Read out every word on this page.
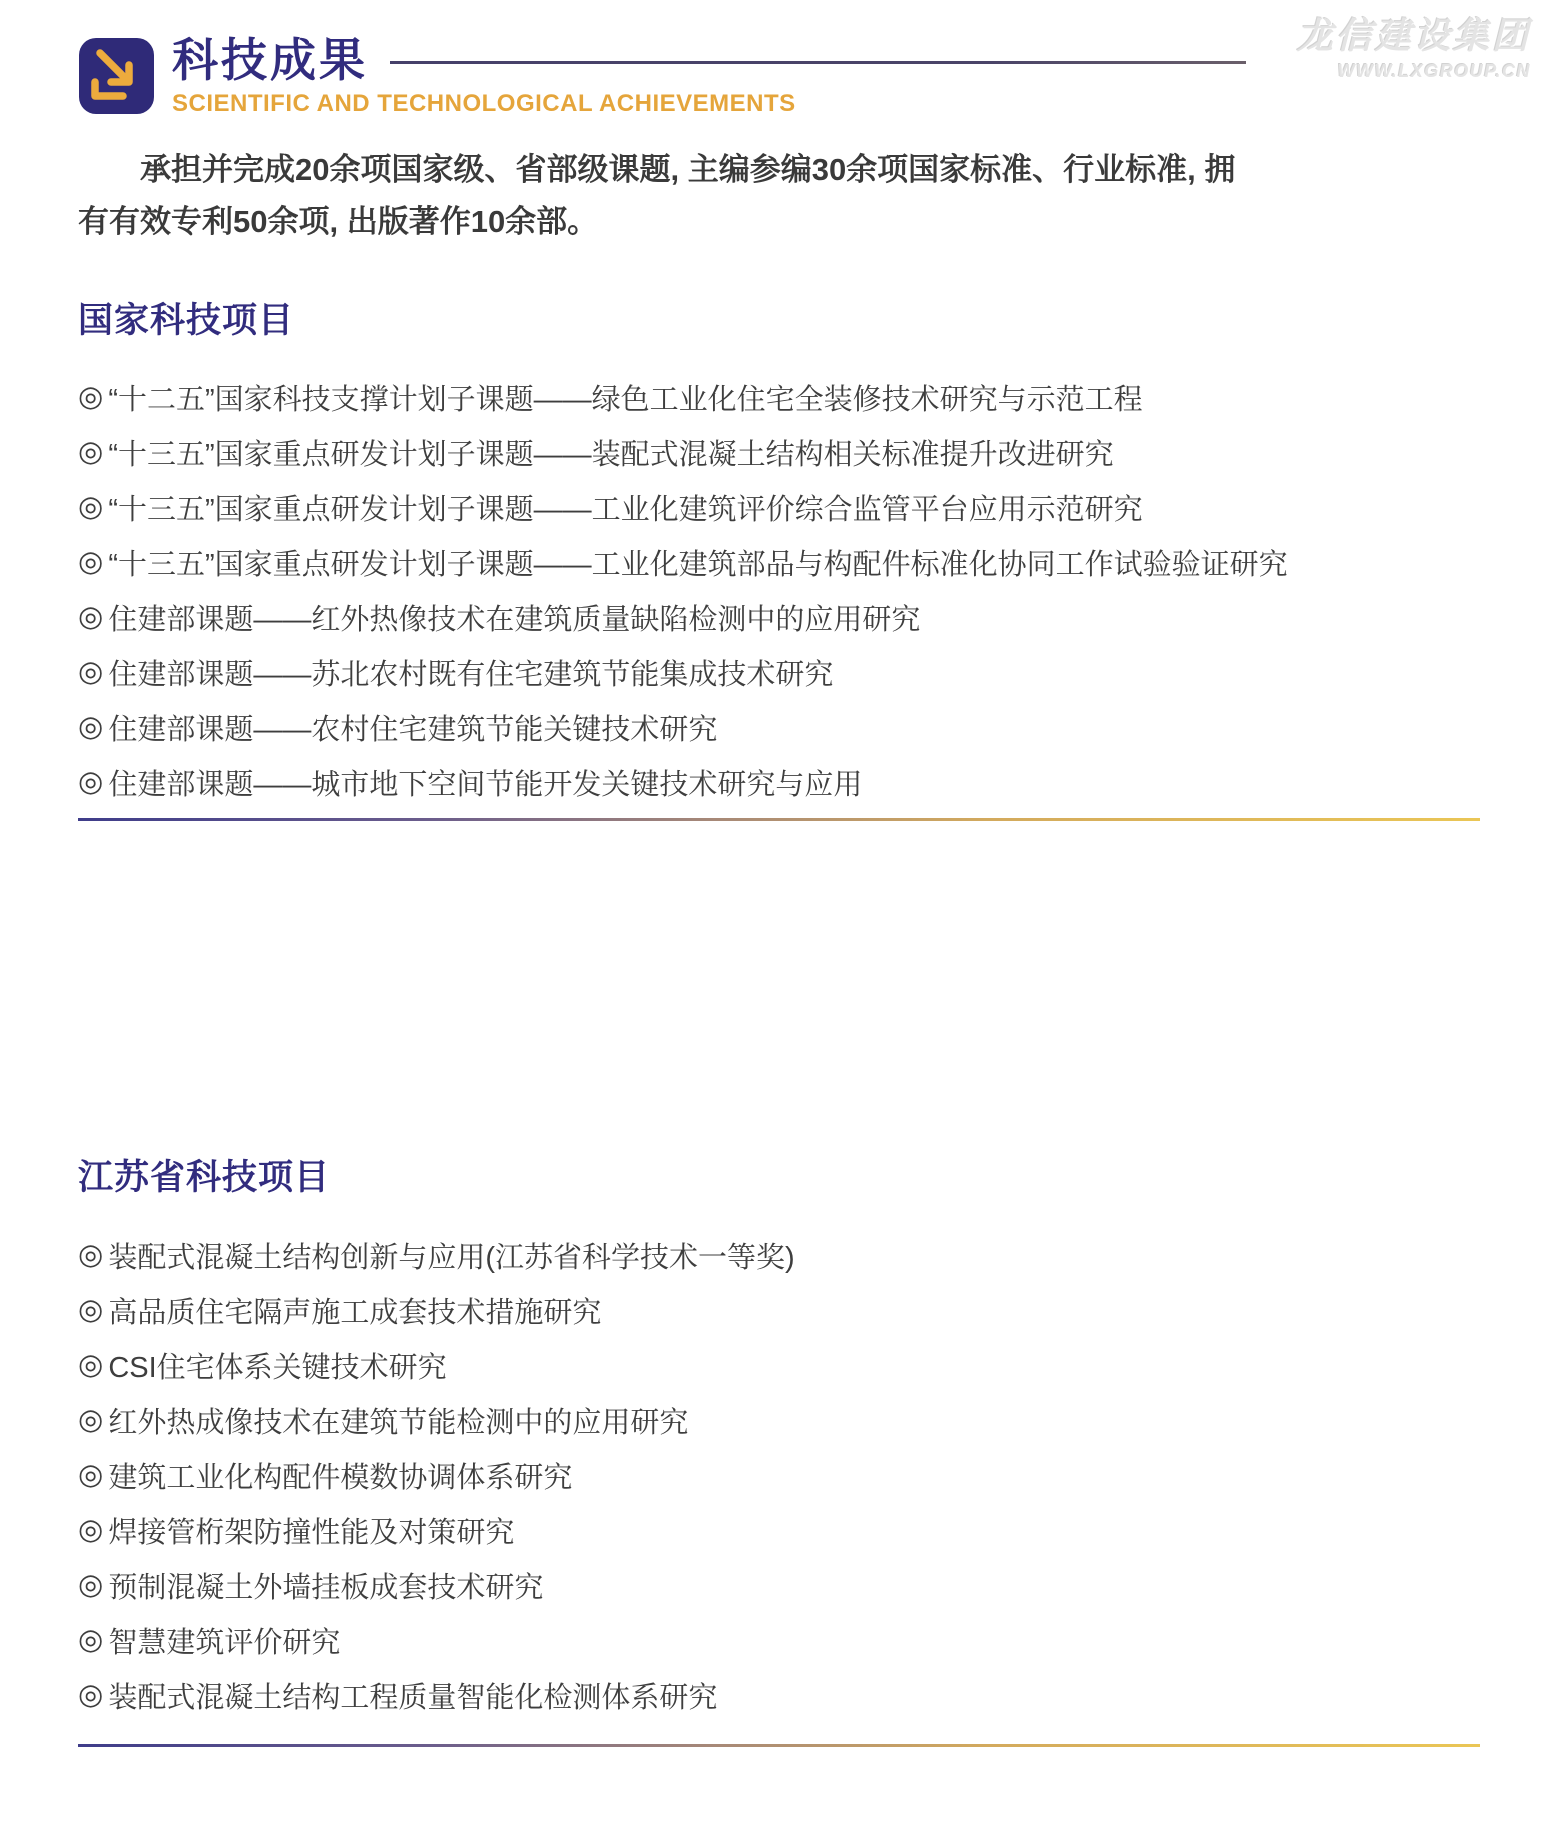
科技成果
SCIENTIFIC AND TECHNOLOGICAL ACHIEVEMENTS
龙信建设集团
WWW.LXGROUP.CN

承担并完成20余项国家级、省部级课题, 主编参编30余项国家标准、行业标准, 拥有有效专利50余项, 出版著作10余部。

国家科技项目
◎ “十二五”国家科技支撑计划子课题——绿色工业化住宅全装修技术研究与示范工程
◎ “十三五”国家重点研发计划子课题——装配式混凝土结构相关标准提升改进研究
◎ “十三五”国家重点研发计划子课题——工业化建筑评价综合监管平台应用示范研究
◎ “十三五”国家重点研发计划子课题——工业化建筑部品与构配件标准化协同工作试验验证研究
◎ 住建部课题——红外热像技术在建筑质量缺陷检测中的应用研究
◎ 住建部课题——苏北农村既有住宅建筑节能集成技术研究
◎ 住建部课题——农村住宅建筑节能关键技术研究
◎ 住建部课题——城市地下空间节能开发关键技术研究与应用
江苏省科技项目
◎ 装配式混凝土结构创新与应用(江苏省科学技术一等奖)
◎ 高品质住宅隔声施工成套技术措施研究
◎ CSI住宅体系关键技术研究
◎ 红外热成像技术在建筑节能检测中的应用研究
◎ 建筑工业化构配件模数协调体系研究
◎ 焊接管桁架防撞性能及对策研究
◎ 预制混凝土外墙挂板成套技术研究
◎ 智慧建筑评价研究
◎ 装配式混凝土结构工程质量智能化检测体系研究
